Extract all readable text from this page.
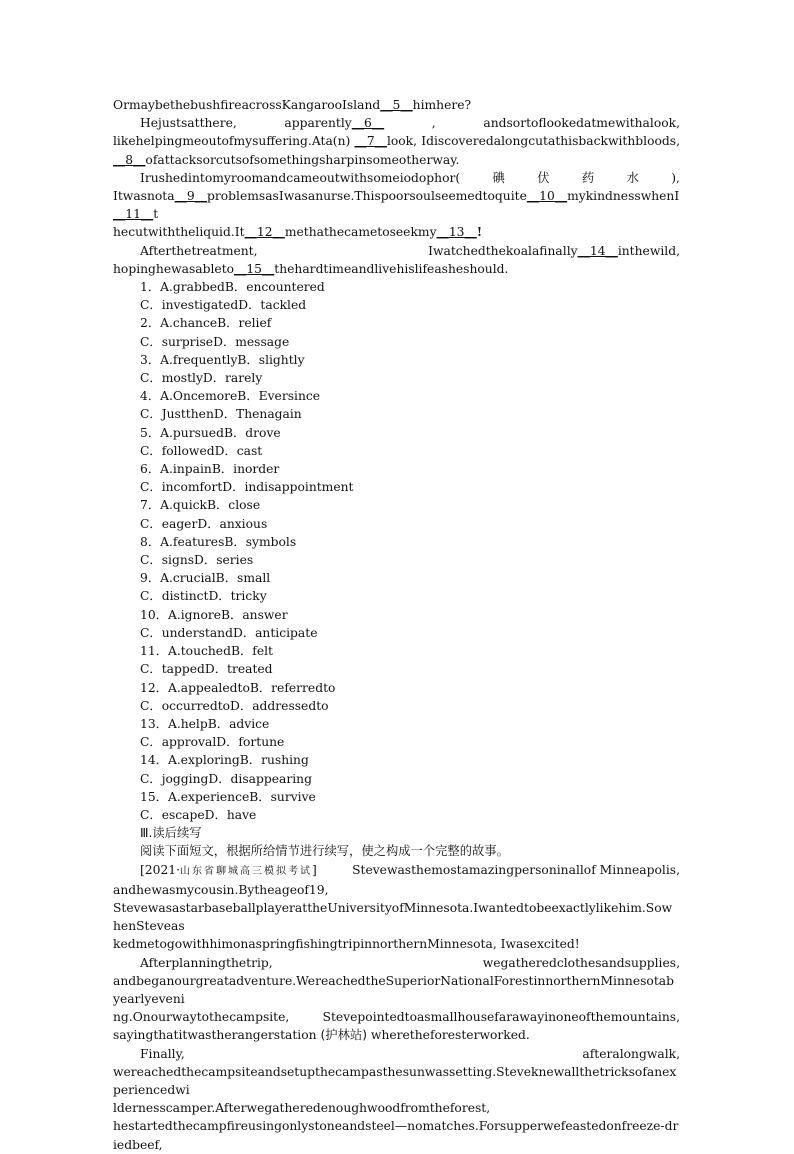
OrmaybethebushfireacrossKangarooIsland__5__himhere?

Hejustsatthere,	apparently__6__	,	andsortoflookedatmewithalook,

likehelpingmeoutofmysuffering.Ata(n) __7__look, Idiscoveredalongcutathisbackwithbloods,

__8__ofattacksorcutsofsomethingsharpinsomeotherway.

Irushedintomyroomandcameoutwithsomeiodophor(	碘	伏	药	水	),

Itwasnota__9__problemsasIwasanurse.Thispoorsoulseemedtoquite__10__mykindnesswhenI__11__t

hecutwiththeliquid.It__12__methathecametoseekmy__13__!

Afterthetreatment,	Iwatchedthekoalafinally__14__inthewild,

hopinghewasableto__15__thehardtimeandlivehislifeasheshould.

1．A.grabbedB．encountered

C．investigatedD．tackled

2．A.chanceB．relief

C．surpriseD．message

3．A.frequentlyB．slightly

C．mostlyD．rarely

4．A.OncemoreB．Eversince

C．JustthenD．Thenagain

5．A.pursuedB．drove

C．followedD．cast

6．A.inpainB．inorder

C．incomfortD．indisappointment

7．A.quickB．close

C．eagerD．anxious

8．A.featuresB．symbols

C．signsD．series

9．A.crucialB．small

C．distinctD．tricky

10．A.ignoreB．answer

C．understandD．anticipate

11．A.touchedB．felt

C．tappedD．treated

12．A.appealedtoB．referredto

C．occurredtoD．addressedto

13．A.helpB．advice

C．approvalD．fortune

14．A.exploringB．rushing

C．joggingD．disappearing

15．A.experienceB．survive

C．escapeD．have

Ⅲ.读后续写

阅读下面短文，根据所给情节进行续写，使之构成一个完整的故事。

[2021·山东省聊城高三模拟考试]	Stevewasthemostamazingpersoninallof Minneapolis,

andhewasmycousin.Bytheageof19,

StevewasastarbaseballplayerattheUniversityofMinnesota.Iwantedtobeexactlylikehim.SowhenSteveas

kedmetogowithhimonaspringfishingtripinnorthernMinnesota, Iwasexcited!

Afterplanningthetrip,	wegatheredclothesandsupplies,

andbeganourgreatadventure.WereachedtheSuperiorNationalForestinnorthernMinnesotabyearlyeveni

ng.Onourwaytothecampsite,	Stevepointedtoasmallhousefarawayinoneofthemountains,

sayingthatitwastherangerstation (护林站) wheretheforesterworked.

Finally,	afteralongwalk,

wereachedthecampsiteandsetupthecampasthesunwassetting.Steveknewallthetricksofanexperiencedwi

ldernesscamper.Afterwegatheredenoughwoodfromtheforest,

hestartedthecampfireusingonlystoneandsteel—nomatches.Forsupperwefeastedonfreeze-driedbeef,
